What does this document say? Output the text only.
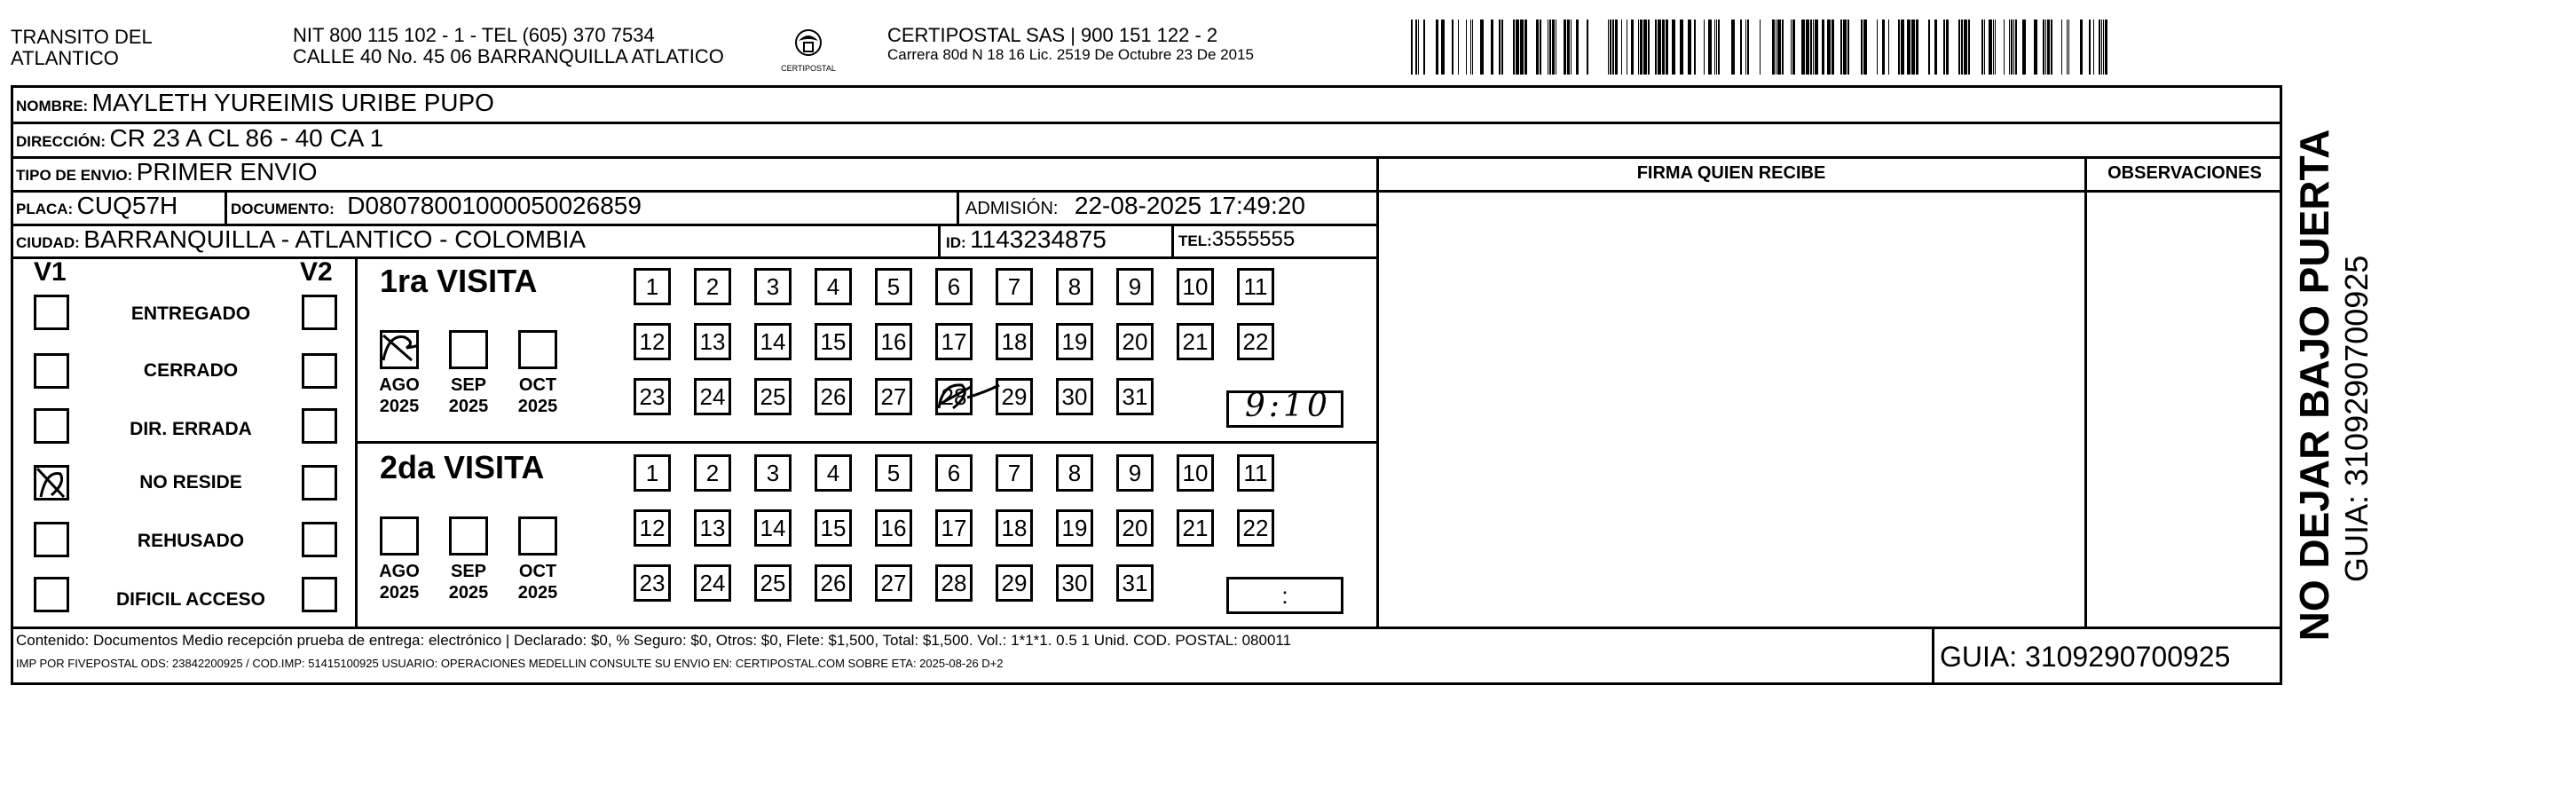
TRANSITO DEL
ATLANTICO
NIT 800 115 102 - 1 - TEL (605) 370 7534
CALLE 40 No. 45 06 BARRANQUILLA ATLATICO
CERTIPOSTAL
CERTIPOSTAL SAS | 900 151 122 - 2
Carrera 80d N 18 16 Lic. 2519 De Octubre 23 De 2015
NOMBRE: MAYLETH YUREIMIS URIBE PUPO
DIRECCIÓN: CR 23 A CL 86 - 40 CA 1
TIPO DE ENVIO: PRIMER ENVIO	FIRMA QUIEN RECIBE	OBSERVACIONES
PLACA: CUQ57H	DOCUMENTO: D08078001000050026859	ADMISIÓN: 22-08-2025 17:49:20
CIUDAD: BARRANQUILLA - ATLANTICO - COLOMBIA	ID: 1143234875	TEL:3555555
V1	V2
ENTREGADO
CERRADO
DIR. ERRADA
NO RESIDE
REHUSADO
DIFICIL ACCESO
1ra VISITA
AGO
2025
SEP
2025
OCT
2025
2da VISITA
AGO
2025
SEP
2025
OCT
2025
1	2	3	4	5	6	7	8	9	10 11
12 13 14 15 16 17 18 19 20 21 22
23 24 25 26 27 28 29 30 31
1	2	3	4	5	6	7	8	9	10 11
12 13 14 15 16 17 18 19 20 21 22
23 24 25 26 27 28 29 30 31
9:10
:
Contenido: Documentos Medio recepción prueba de entrega: electrónico | Declarado: $0, % Seguro: $0, Otros: $0, Flete: $1,500, Total: $1,500. Vol.: 1*1*1. 0.5 1 Unid. COD. POSTAL: 080011
IMP POR FIVEPOSTAL ODS: 23842200925 / COD.IMP: 51415100925 USUARIO: OPERACIONES MEDELLIN CONSULTE SU ENVIO EN: CERTIPOSTAL.COM SOBRE ETA: 2025-08-26 D+2	GUIA: 3109290700925
NO DEJAR BAJO PUERTA GUIA: 3109290700925
